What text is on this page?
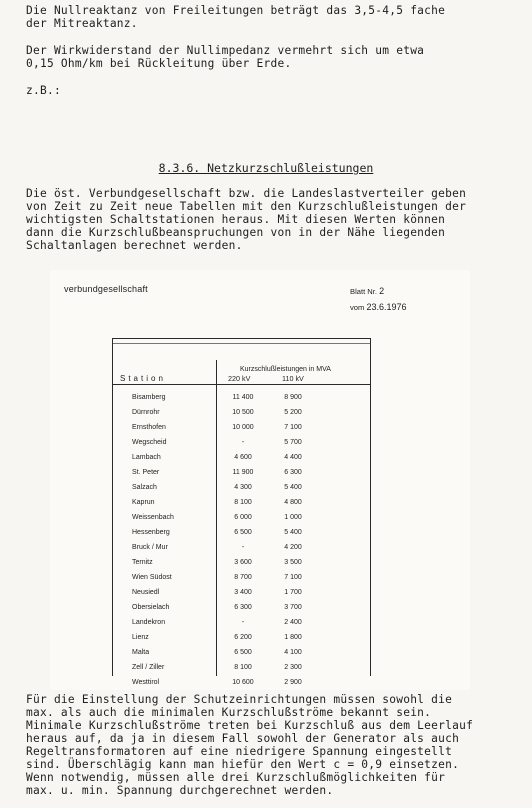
Die Nullreaktanz von Freileitungen beträgt das 3,5-4,5 fache
der Mitreaktanz.
Der Wirkwiderstand der Nullimpedanz vermehrt sich um etwa
0,15 Ohm/km bei Rückleitung über Erde.
z.B.:
8.3.6. Netzkurzschlußleistungen
Die öst. Verbundgesellschaft bzw. die Landeslastverteiler geben
von Zeit zu Zeit neue Tabellen mit den Kurzschlußleistungen der
wichtigsten Schaltstationen heraus. Mit diesen Werten können
dann die Kurzschlußbeanspruchungen von in der Nähe liegenden
Schaltanlagen berechnet werden.
verbundgesellschaft	Blatt Nr. 2
vom 23.6.1976
Kurzschlußleistungen in MVA
Station	220 kV	110 kV
Bisamberg	11 400	8 900
Dürnrohr	10 500	5 200
Ernsthofen	10 000	7 100
Wegscheid	-	5 700
Lambach	4 600	4 400
St. Peter	11 900	6 300
Salzach	4 300	5 400
Kaprun	8 100	4 800
Weissenbach	6 000	1 000
Hessenberg	6 500	5 400
Bruck / Mur	-	4 200
Ternitz	3 600	3 500
Wien Südost	8 700	7 100
Neusiedl	3 400	1 700
Obersielach	6 300	3 700
Landekron	-	2 400
Lienz	6 200	1 800
Malta	6 500	4 100
Zell / Ziller	8 100	2 300
Westtirol	10 600	2 900
Für die Einstellung der Schutzeinrichtungen müssen sowohl die
max. als auch die minimalen Kurzschlußströme bekannt sein.
Minimale Kurzschlußströme treten bei Kurzschluß aus dem Leerlauf
heraus auf, da ja in diesem Fall sowohl der Generator als auch
Regeltransformatoren auf eine niedrigere Spannung eingestellt
sind. Überschlägig kann man hiefür den Wert c = 0,9 einsetzen.
Wenn notwendig, müssen alle drei Kurzschlußmöglichkeiten für
max. u. min. Spannung durchgerechnet werden.
